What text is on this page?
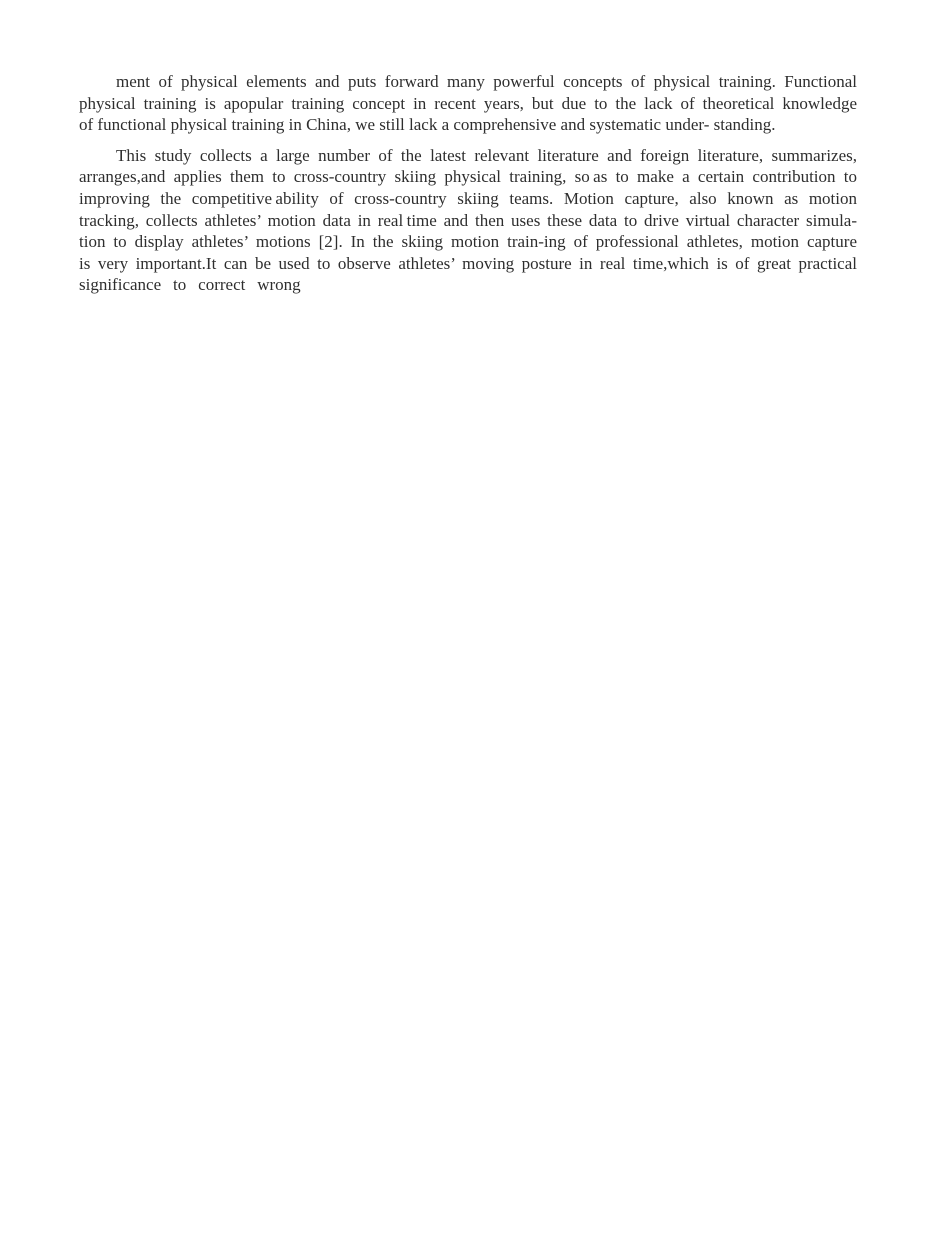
ment of physical elements and puts forward many powerful concepts of physical training. Functional
physical training is apopular training concept in recent years, but due to the lack of theoretical knowledge
of functional physical training in China, we still lack a comprehensive and systematic under- standing.
This study collects a large number of the latest relevant literature and foreign literature, summarizes,
arranges,and applies them to cross-country skiing physical training, so as to make a certain contribution to
improving the competitive ability of cross-country skiing teams. Motion capture, also known as motion
tracking, collects athletes’ motion data in real time and then uses these data to drive virtual character simula-
tion to display athletes’ motions [2]. In the skiing motion train-ing of professional athletes, motion capture
is very important.It can be used to observe athletes’ moving posture in real time,which is of great practical
significance to correct wrong
